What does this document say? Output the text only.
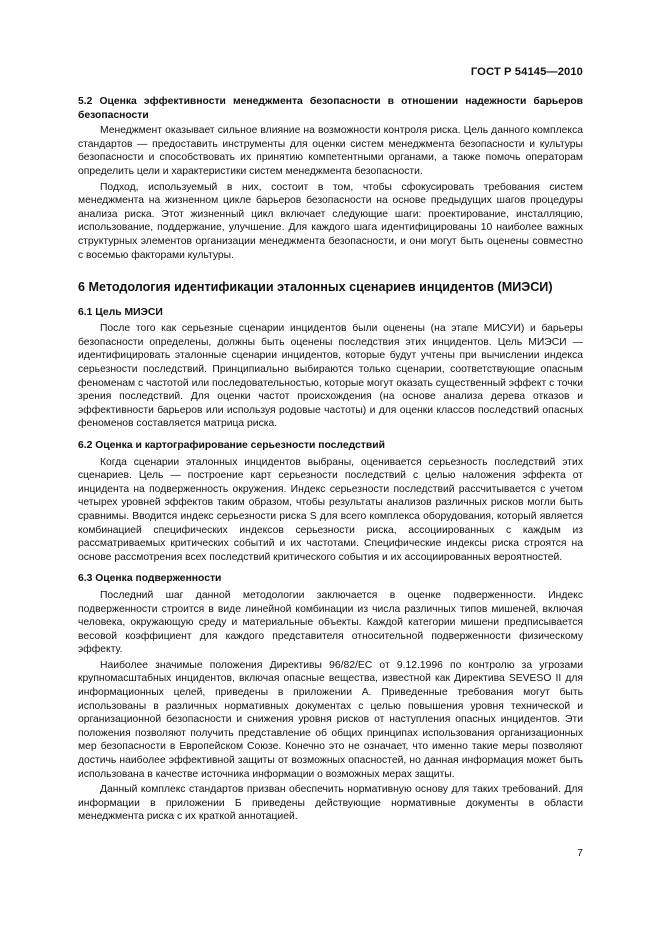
ГОСТ Р 54145—2010
5.2 Оценка эффективности менеджмента безопасности в отношении надежности барьеров безопасности

Менеджмент оказывает сильное влияние на возможности контроля риска. Цель данного комплекса стандартов — предоставить инструменты для оценки систем менеджмента безопасности и культуры безопасности и способствовать их принятию компетентными органами, а также помочь операторам определить цели и характеристики систем менеджмента безопасности.

Подход, используемый в них, состоит в том, чтобы сфокусировать требования систем менеджмента на жизненном цикле барьеров безопасности на основе предыдущих шагов процедуры анализа риска. Этот жизненный цикл включает следующие шаги: проектирование, инсталляцию, использование, поддержание, улучшение. Для каждого шага идентифицированы 10 наиболее важных структурных элементов организации менеджмента безопасности, и они могут быть оценены совместно с восемью факторами культуры.

6 Методология идентификации эталонных сценариев инцидентов (МИЭСИ)
6.1 Цель МИЭСИ

После того как серьезные сценарии инцидентов были оценены (на этапе МИСУИ) и барьеры безопасности определены, должны быть оценены последствия этих инцидентов. Цель МИЭСИ — идентифицировать эталонные сценарии инцидентов, которые будут учтены при вычислении индекса серьезности последствий. Принципиально выбираются только сценарии, соответствующие опасным феноменам с частотой или последовательностью, которые могут оказать существенный эффект с точки зрения последствий. Для оценки частот происхождения (на основе анализа дерева отказов и эффективности барьеров или используя родовые частоты) и для оценки классов последствий опасных феноменов составляется матрица риска.

6.2 Оценка и картографирование серьезности последствий

Когда сценарии эталонных инцидентов выбраны, оценивается серьезность последствий этих сценариев. Цель — построение карт серьезности последствий с целью наложения эффекта от инцидента на подверженность окружения. Индекс серьезности последствий рассчитывается с учетом четырех уровней эффектов таким образом, чтобы результаты анализов различных рисков могли быть сравнимы. Вводится индекс серьезности риска S для всего комплекса оборудования, который является комбинацией специфических индексов серьезности риска, ассоциированных с каждым из рассматриваемых критических событий и их частотами. Специфические индексы риска строятся на основе рассмотрения всех последствий критического события и их ассоциированных вероятностей.

6.3 Оценка подверженности

Последний шаг данной методологии заключается в оценке подверженности. Индекс подверженности строится в виде линейной комбинации из числа различных типов мишеней, включая человека, окружающую среду и материальные объекты. Каждой категории мишени предписывается весовой коэффициент для каждого представителя относительной подверженности физическому эффекту.

Наиболее значимые положения Директивы 96/82/ЕС от 9.12.1996 по контролю за угрозами крупномасштабных инцидентов, включая опасные вещества, известной как Директива SEVESO II для информационных целей, приведены в приложении А. Приведенные требования могут быть использованы в различных нормативных документах с целью повышения уровня технической и организационной безопасности и снижения уровня рисков от наступления опасных инцидентов. Эти положения позволяют получить представление об общих принципах использования организационных мер безопасности в Европейском Союзе. Конечно это не означает, что именно такие меры позволяют достичь наиболее эффективной защиты от возможных опасностей, но данная информация может быть использована в качестве источника информации о возможных мерах защиты.

Данный комплекс стандартов призван обеспечить нормативную основу для таких требований. Для информации в приложении Б приведены действующие нормативные документы в области менеджмента риска с их краткой аннотацией.

7
